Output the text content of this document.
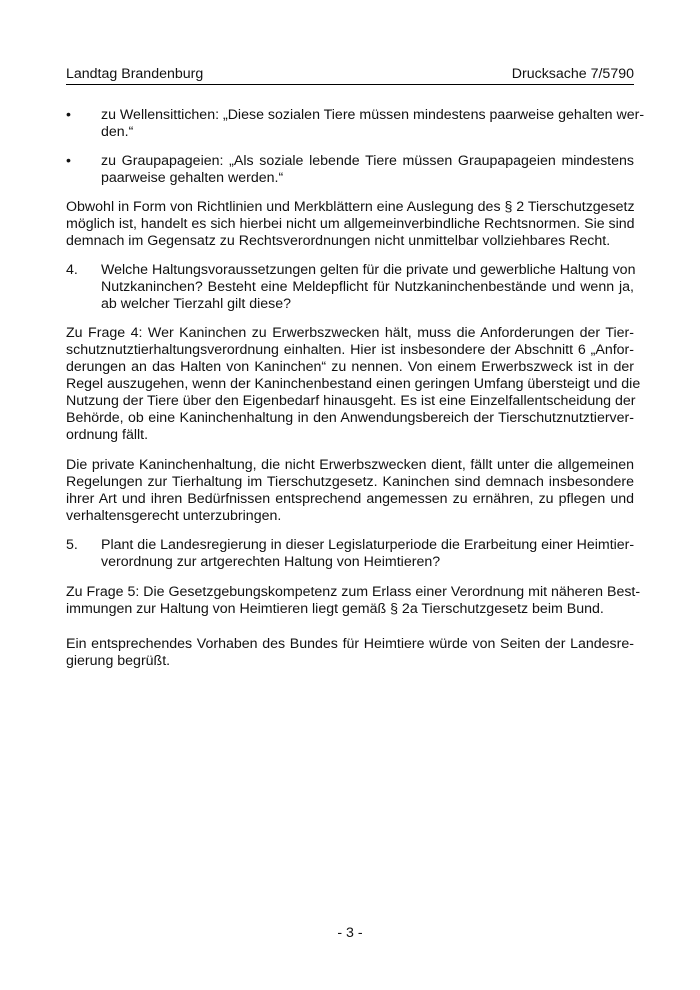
Landtag Brandenburg	Drucksache 7/5790
• zu Wellensittichen: „Diese sozialen Tiere müssen mindestens paarweise gehalten wer-
den.“
• zu Graupapageien: „Als soziale lebende Tiere müssen Graupapageien mindestens
paarweise gehalten werden.“
Obwohl in Form von Richtlinien und Merkblättern eine Auslegung des § 2 Tierschutzgesetz
möglich ist, handelt es sich hierbei nicht um allgemeinverbindliche Rechtsnormen. Sie sind
demnach im Gegensatz zu Rechtsverordnungen nicht unmittelbar vollziehbares Recht.
4. Welche Haltungsvoraussetzungen gelten für die private und gewerbliche Haltung von
Nutzkaninchen? Besteht eine Meldepflicht für Nutzkaninchenbestände und wenn ja,
ab welcher Tierzahl gilt diese?
Zu Frage 4: Wer Kaninchen zu Erwerbszwecken hält, muss die Anforderungen der Tier-
schutznutztierhaltungsverordnung einhalten. Hier ist insbesondere der Abschnitt 6 „Anfor-
derungen an das Halten von Kaninchen“ zu nennen. Von einem Erwerbszweck ist in der
Regel auszugehen, wenn der Kaninchenbestand einen geringen Umfang übersteigt und die
Nutzung der Tiere über den Eigenbedarf hinausgeht. Es ist eine Einzelfallentscheidung der
Behörde, ob eine Kaninchenhaltung in den Anwendungsbereich der Tierschutznutztierver-
ordnung fällt.
Die private Kaninchenhaltung, die nicht Erwerbszwecken dient, fällt unter die allgemeinen
Regelungen zur Tierhaltung im Tierschutzgesetz. Kaninchen sind demnach insbesondere
ihrer Art und ihren Bedürfnissen entsprechend angemessen zu ernähren, zu pflegen und
verhaltensgerecht unterzubringen.
5. Plant die Landesregierung in dieser Legislaturperiode die Erarbeitung einer Heimtier-
verordnung zur artgerechten Haltung von Heimtieren?
Zu Frage 5: Die Gesetzgebungskompetenz zum Erlass einer Verordnung mit näheren Best-
immungen zur Haltung von Heimtieren liegt gemäß § 2a Tierschutzgesetz beim Bund.
Ein entsprechendes Vorhaben des Bundes für Heimtiere würde von Seiten der Landesre-
gierung begrüßt.
- 3 -
